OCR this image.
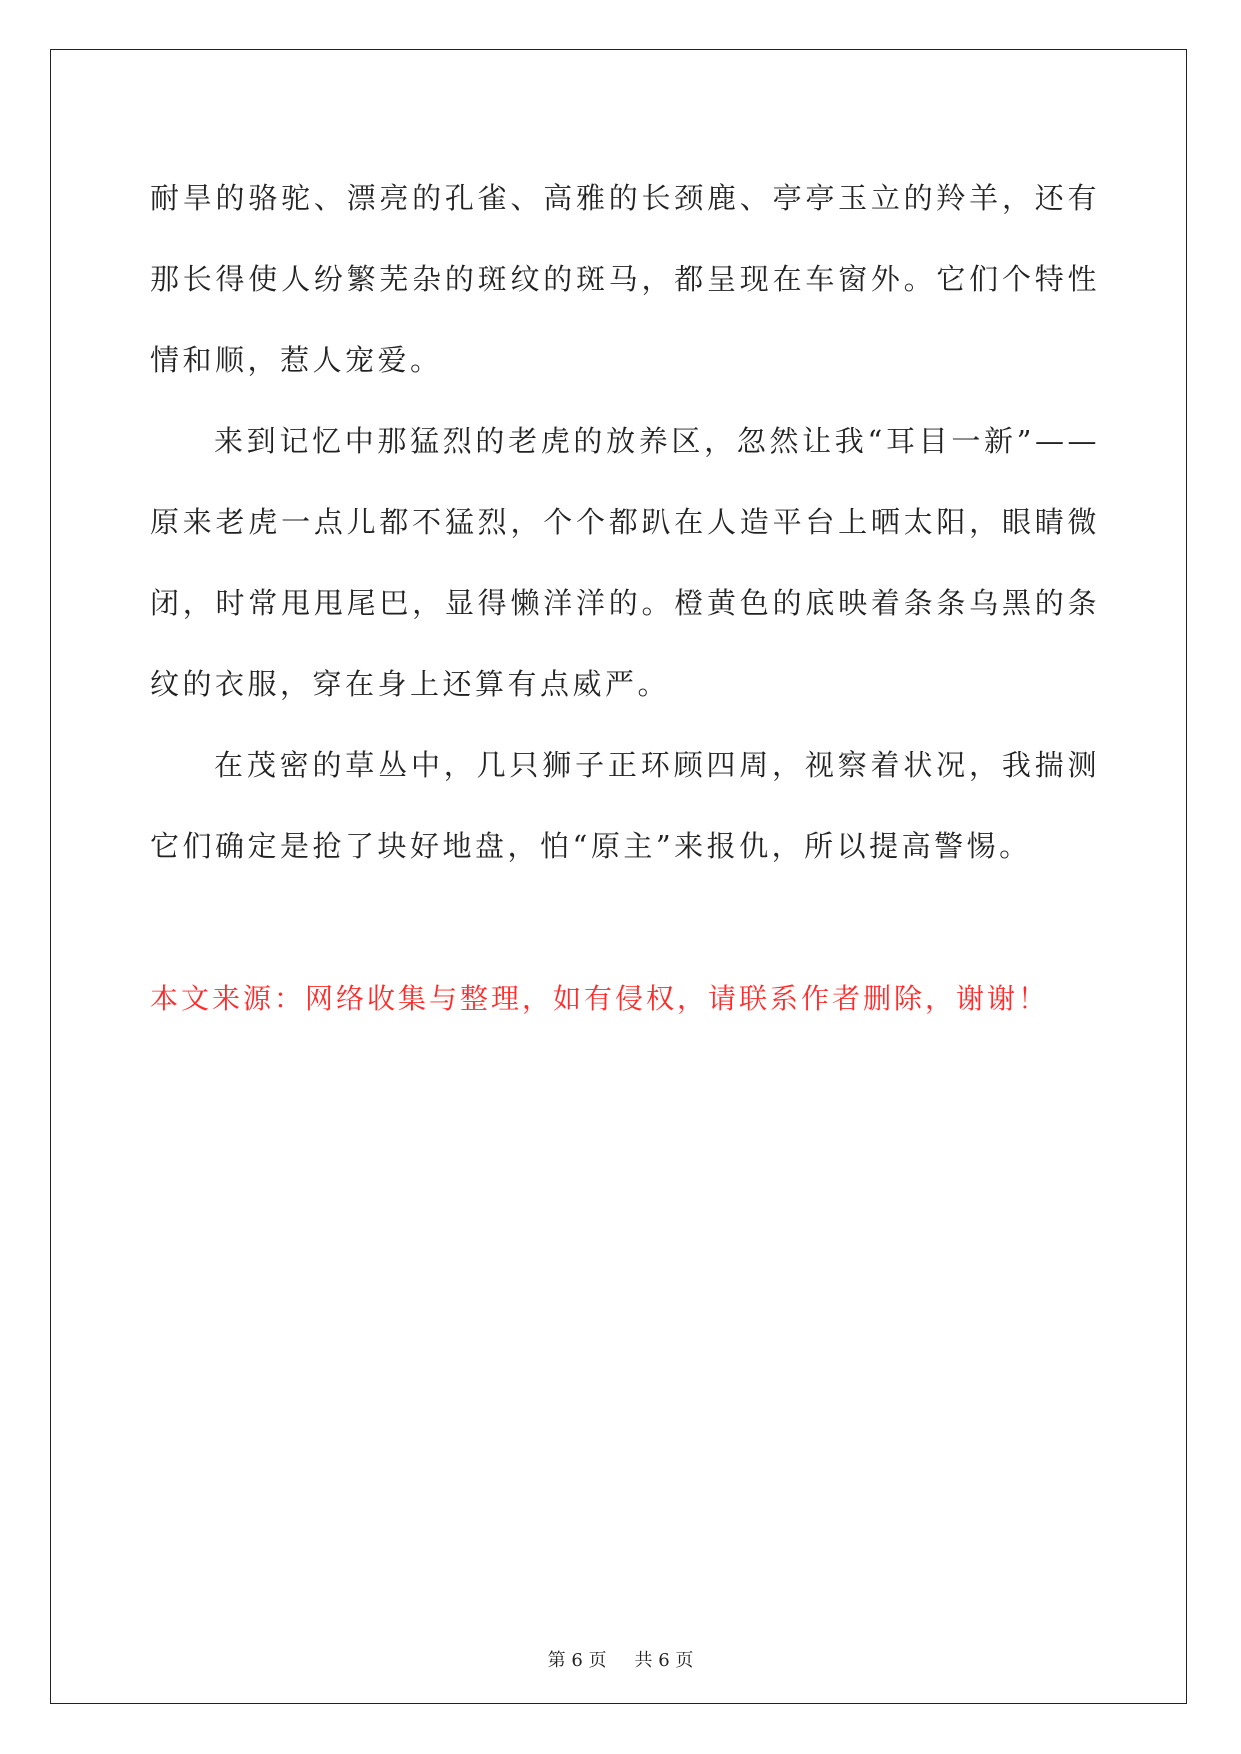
耐旱的骆驼、漂亮的孔雀、高雅的长颈鹿、亭亭玉立的羚羊，还有那长得使人纷繁芜杂的斑纹的斑马，都呈现在车窗外。它们个特性情和顺，惹人宠爱。

来到记忆中那猛烈的老虎的放养区，忽然让我“耳目一新”——原来老虎一点儿都不猛烈，个个都趴在人造平台上晒太阳，眼睛微闭，时常甩甩尾巴，显得懒洋洋的。橙黄色的底映着条条乌黑的条纹的衣服，穿在身上还算有点威严。

在茂密的草丛中，几只狮子正环顾四周，视察着状况，我揣测它们确定是抢了块好地盘，怕“原主”来报仇，所以提高警惕。

本文来源：网络收集与整理，如有侵权，请联系作者删除，谢谢！
第 6 页 共 6 页
